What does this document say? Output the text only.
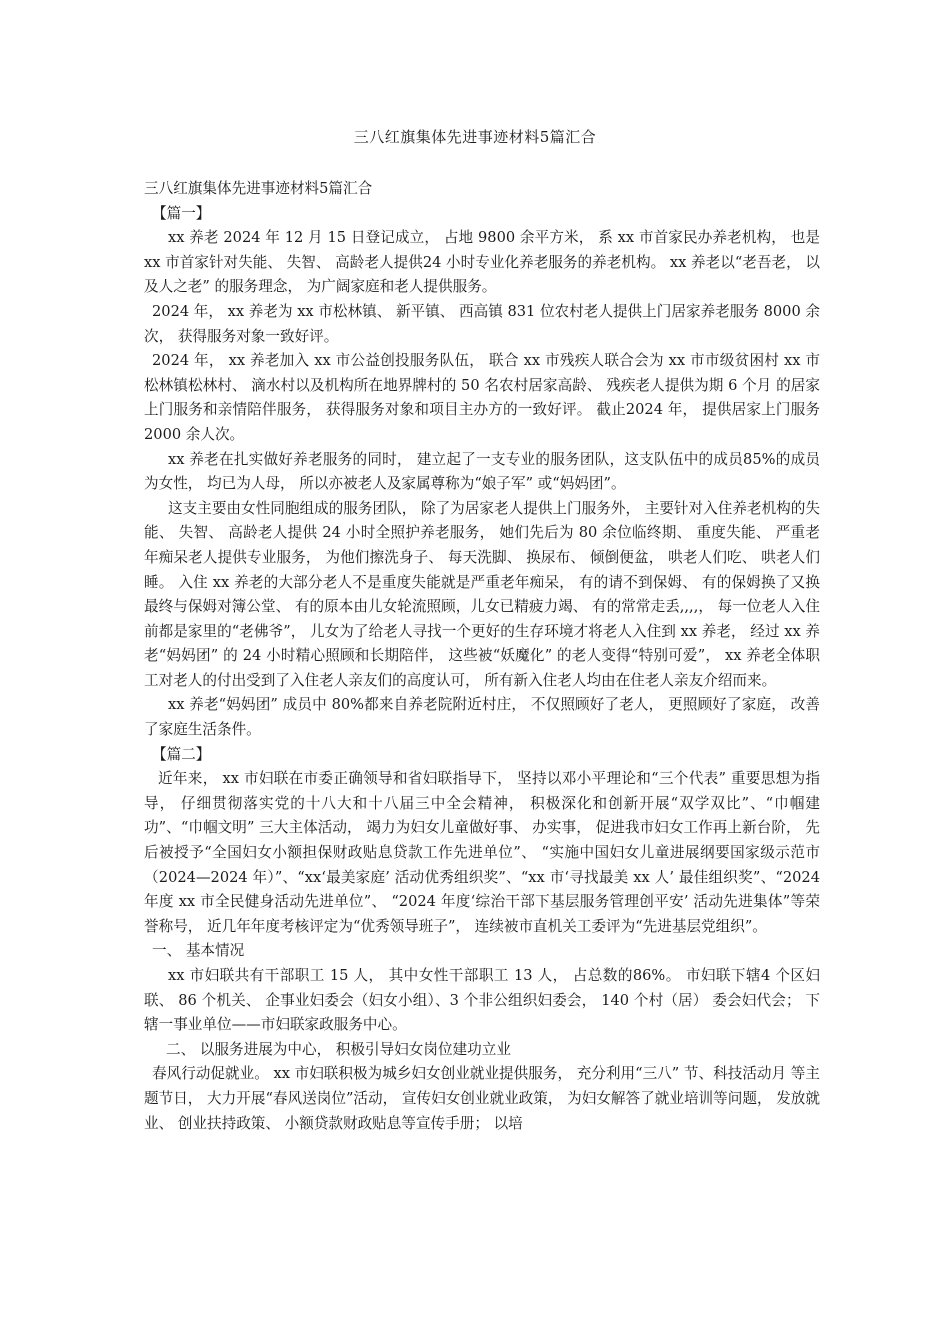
三八红旗集体先进事迹材料5篇汇合

三八红旗集体先进事迹材料5篇汇合

【篇一】

xx 养老 2024 年 12 月 15 日登记成立， 占地 9800 余平方米， 系 xx 市首家民办养老机构， 也是 xx 市首家针对失能、 失智、 高龄老人提供24 小时专业化养老服务的养老机构。 xx 养老以“老吾老， 以及人之老” 的服务理念， 为广阔家庭和老人提供服务。

2024 年， xx 养老为 xx 市松林镇、 新平镇、 西高镇 831 位农村老人提供上门居家养老服务 8000 余次， 获得服务对象一致好评。

2024 年， xx 养老加入 xx 市公益创投服务队伍， 联合 xx 市残疾人联合会为 xx 市市级贫困村 xx 市松林镇松林村、 滴水村以及机构所在地界牌村的 50 名农村居家高龄、 残疾老人提供为期 6 个月 的居家上门服务和亲情陪伴服务， 获得服务对象和项目主办方的一致好评。 截止2024 年， 提供居家上门服务 2000 余人次。

xx 养老在扎实做好养老服务的同时， 建立起了一支专业的服务团队，这支队伍中的成员85%的成员为女性， 均已为人母， 所以亦被老人及家属尊称为“娘子军” 或“妈妈团”。

这支主要由女性同胞组成的服务团队， 除了为居家老人提供上门服务外， 主要针对入住养老机构的失能、 失智、 高龄老人提供 24 小时全照护养老服务， 她们先后为 80 余位临终期、 重度失能、 严重老年痴呆老人提供专业服务， 为他们擦洗身子、 每天洗脚、 换尿布、 倾倒便盆， 哄老人们吃、 哄老人们睡。 入住 xx 养老的大部分老人不是重度失能就是严重老年痴呆， 有的请不到保姆、 有的保姆换了又换最终与保姆对簿公堂、 有的原本由儿女轮流照顾，儿女已精疲力竭、 有的常常走丢,,,,， 每一位老人入住前都是家里的“老佛爷”， 儿女为了给老人寻找一个更好的生存环境才将老人入住到 xx 养老， 经过 xx 养老“妈妈团” 的 24 小时精心照顾和长期陪伴， 这些被“妖魔化” 的老人变得“特别可爱”， xx 养老全体职工对老人的付出受到了入住老人亲友们的高度认可， 所有新入住老人均由在住老人亲友介绍而来。

xx 养老“妈妈团” 成员中 80%都来自养老院附近村庄， 不仅照顾好了老人， 更照顾好了家庭， 改善了家庭生活条件。

【篇二】

近年来， xx 市妇联在市委正确领导和省妇联指导下， 坚持以邓小平理论和“三个代表” 重要思想为指导， 仔细贯彻落实党的十八大和十八届三中全会精神， 积极深化和创新开展“双学双比”、“巾帼建功”、“巾帼文明” 三大主体活动， 竭力为妇女儿童做好事、 办实事， 促进我市妇女工作再上新台阶， 先后被授予“全国妇女小额担保财政贴息贷款工作先进单位”、 “实施中国妇女儿童进展纲要国家级示范市（2024—2024 年）”、“xx‘最美家庭’ 活动优秀组织奖”、“xx 市‘寻找最美 xx 人’ 最佳组织奖”、“2024 年度 xx 市全民健身活动先进单位”、 “2024 年度‘综治干部下基层服务管理创平安’ 活动先进集体”等荣誉称号， 近几年年度考核评定为“优秀领导班子”， 连续被市直机关工委评为“先进基层党组织”。

一、 基本情况

xx 市妇联共有干部职工 15 人， 其中女性干部职工 13 人， 占总数的86%。 市妇联下辖4 个区妇联、 86 个机关、 企事业妇委会（妇女小组）、3 个非公组织妇委会， 140 个村（居） 委会妇代会； 下辖一事业单位——市妇联家政服务中心。

二、 以服务进展为中心， 积极引导妇女岗位建功立业

春风行动促就业。 xx 市妇联积极为城乡妇女创业就业提供服务， 充分利用“三八” 节、科技活动月 等主题节日， 大力开展“春风送岗位”活动， 宣传妇女创业就业政策， 为妇女解答了就业培训等问题， 发放就业、 创业扶持政策、 小额贷款财政贴息等宣传手册； 以培
